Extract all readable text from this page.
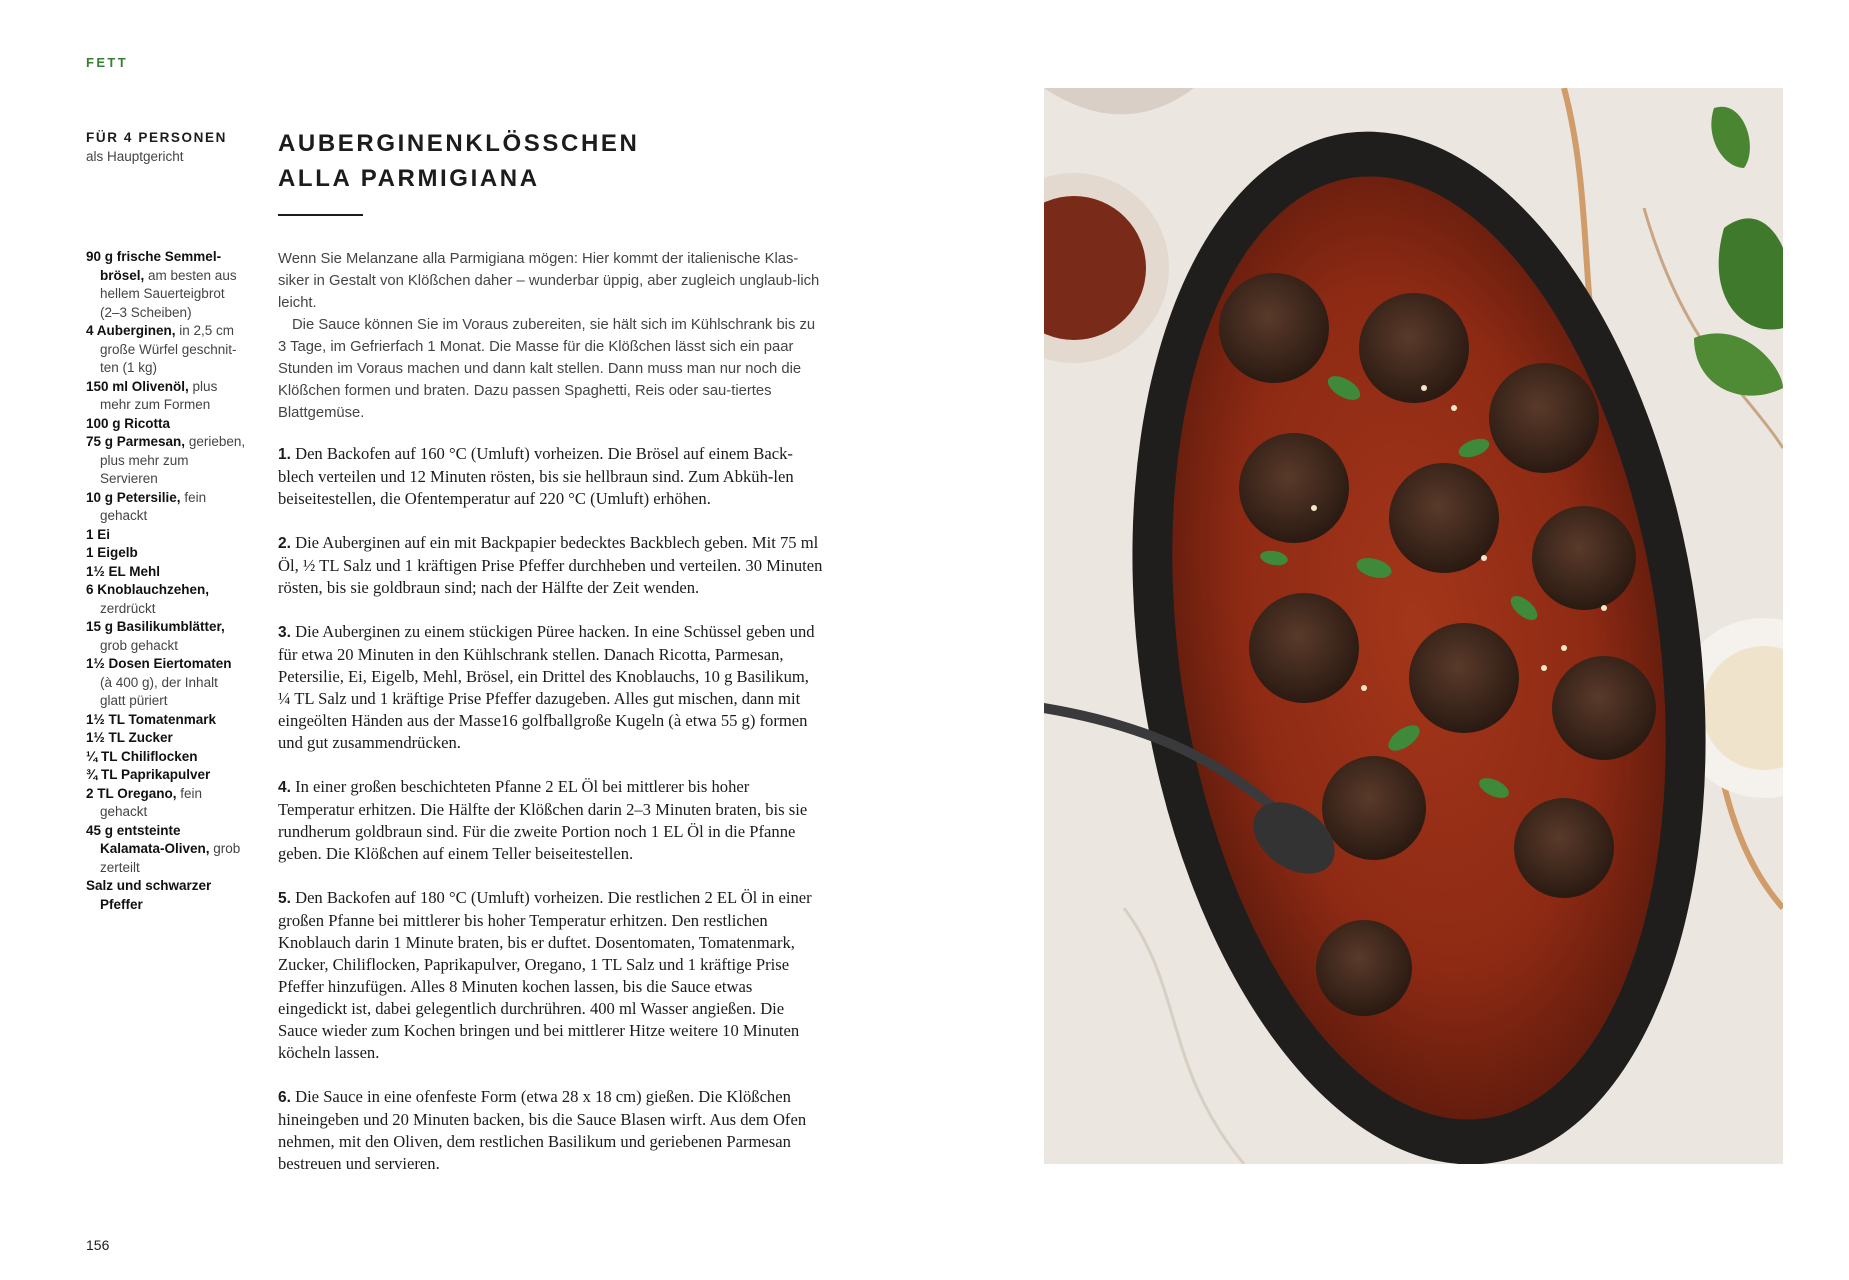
FETT
FÜR 4 PERSONEN
als Hauptgericht	AUBERGINENKLÖSSCHEN
ALLA PARMIGIANA
90 g frische Semmel-brösel, am besten aus hellem Sauerteigbrot (2–3 Scheiben)
4 Auberginen, in 2,5 cm große Würfel geschnit-ten (1 kg)
150 ml Olivenöl, plus mehr zum Formen
100 g Ricotta
75 g Parmesan, gerieben, plus mehr zum Servieren
10 g Petersilie, fein gehackt
1 Ei
1 Eigelb
1½ EL Mehl
6 Knoblauchzehen, zerdrückt
15 g Basilikumblätter, grob gehackt
1½ Dosen Eiertomaten (à 400 g), der Inhalt glatt püriert
1½ TL Tomatenmark
1½ TL Zucker
¼ TL Chiliflocken
¾ TL Paprikapulver
2 TL Oregano, fein gehackt
45 g entsteinte Kalamata-Oliven, grob zerteilt
Salz und schwarzer Pfeffer

Wenn Sie Melanzane alla Parmigiana mögen: Hier kommt der italienische Klas-siker in Gestalt von Klößchen daher – wunderbar üppig, aber zugleich unglaub-lich leicht.

Die Sauce können Sie im Voraus zubereiten, sie hält sich im Kühlschrank bis zu 3 Tage, im Gefrierfach 1 Monat. Die Masse für die Klößchen lässt sich ein paar Stunden im Voraus machen und dann kalt stellen. Dann muss man nur noch die Klößchen formen und braten. Dazu passen Spaghetti, Reis oder sau-tiertes Blattgemüse.

1. Den Backofen auf 160 °C (Umluft) vorheizen. Die Brösel auf einem Back-blech verteilen und 12 Minuten rösten, bis sie hellbraun sind. Zum Abküh-len beiseitestellen, die Ofentemperatur auf 220 °C (Umluft) erhöhen.

2. Die Auberginen auf ein mit Backpapier bedecktes Backblech geben. Mit 75 ml Öl, ½ TL Salz und 1 kräftigen Prise Pfeffer durchheben und verteilen. 30 Minuten rösten, bis sie goldbraun sind; nach der Hälfte der Zeit wenden.

3. Die Auberginen zu einem stückigen Püree hacken. In eine Schüssel geben und für etwa 20 Minuten in den Kühlschrank stellen. Danach Ricotta, Parmesan, Petersilie, Ei, Eigelb, Mehl, Brösel, ein Drittel des Knoblauchs, 10 g Basilikum, ¼ TL Salz und 1 kräftige Prise Pfeffer dazugeben. Alles gut mischen, dann mit eingeölten Händen aus der Masse16 golfballgroße Kugeln (à etwa 55 g) formen und gut zusammendrücken.

4. In einer großen beschichteten Pfanne 2 EL Öl bei mittlerer bis hoher Temperatur erhitzen. Die Hälfte der Klößchen darin 2–3 Minuten braten, bis sie rundherum goldbraun sind. Für die zweite Portion noch 1 EL Öl in die Pfanne geben. Die Klößchen auf einem Teller beiseitestellen.

5. Den Backofen auf 180 °C (Umluft) vorheizen. Die restlichen 2 EL Öl in einer großen Pfanne bei mittlerer bis hoher Temperatur erhitzen. Den restlichen Knoblauch darin 1 Minute braten, bis er duftet. Dosentomaten, Tomatenmark, Zucker, Chiliflocken, Paprikapulver, Oregano, 1 TL Salz und 1 kräftige Prise Pfeffer hinzufügen. Alles 8 Minuten kochen lassen, bis die Sauce etwas eingedickt ist, dabei gelegentlich durchrühren. 400 ml Wasser angießen. Die Sauce wieder zum Kochen bringen und bei mittlerer Hitze weitere 10 Minuten köcheln lassen.

6. Die Sauce in eine ofenfeste Form (etwa 28 x 18 cm) gießen. Die Klößchen hineingeben und 20 Minuten backen, bis die Sauce Blasen wirft. Aus dem Ofen nehmen, mit den Oliven, dem restlichen Basilikum und geriebenen Parmesan bestreuen und servieren.

156
